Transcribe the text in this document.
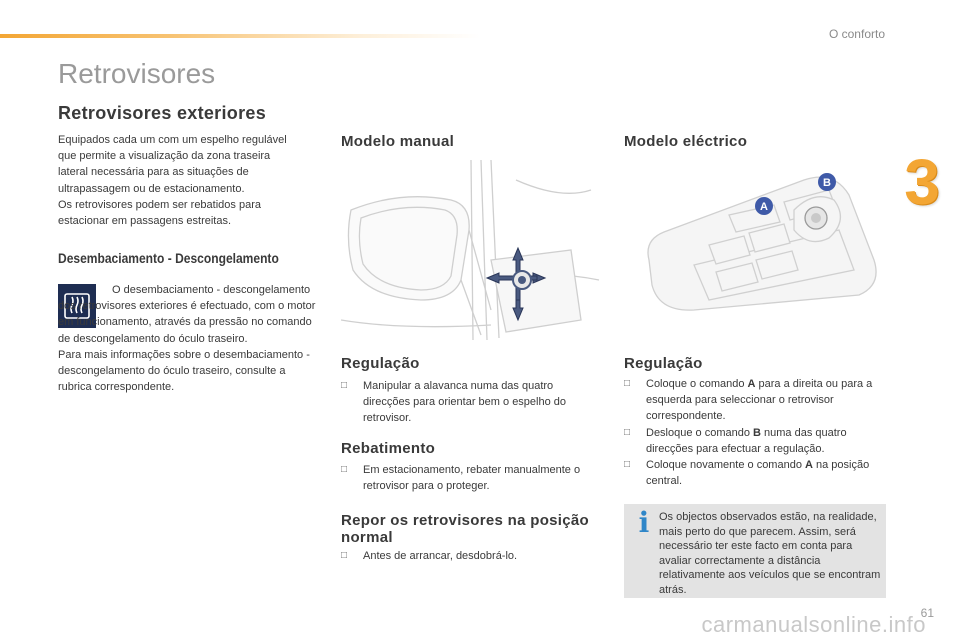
O conforto
3
Retrovisores
Retrovisores exteriores

Equipados cada um com um espelho regulável que permite a visualização da zona traseira lateral necessária para as situações de ultrapassagem ou de estacionamento.

Os retrovisores podem ser rebatidos para estacionar em passagens estreitas.

Desembaciamento - Descongelamento

O desembaciamento - descongelamento dos retrovisores exteriores é efectuado, com o motor em funcionamento, através da pressão no comando de descongelamento do óculo traseiro.

Para mais informações sobre o desembaciamento - descongelamento do óculo traseiro, consulte a rubrica correspondente.

Modelo manual	Modelo eléctrico
A
B
Regulação
□	Manipular a alavanca numa das quatro direcções para orientar bem o espelho do retrovisor.
Rebatimento
□	Em estacionamento, rebater manualmente o retrovisor para o proteger.
Repor os retrovisores na posição normal
□	Antes de arrancar, desdobrá-lo.
Regulação
□	Coloque o comando A para a direita ou para a esquerda para seleccionar o retrovisor correspondente.
□	Desloque o comando B numa das quatro direcções para efectuar a regulação.
□	Coloque novamente o comando A na posição central.
i Os objectos observados estão, na realidade, mais perto do que parecem. Assim, será necessário ter este facto em conta para avaliar correctamente a distância relativamente aos veículos que se encontram atrás.
carmanualsonline.info
61
